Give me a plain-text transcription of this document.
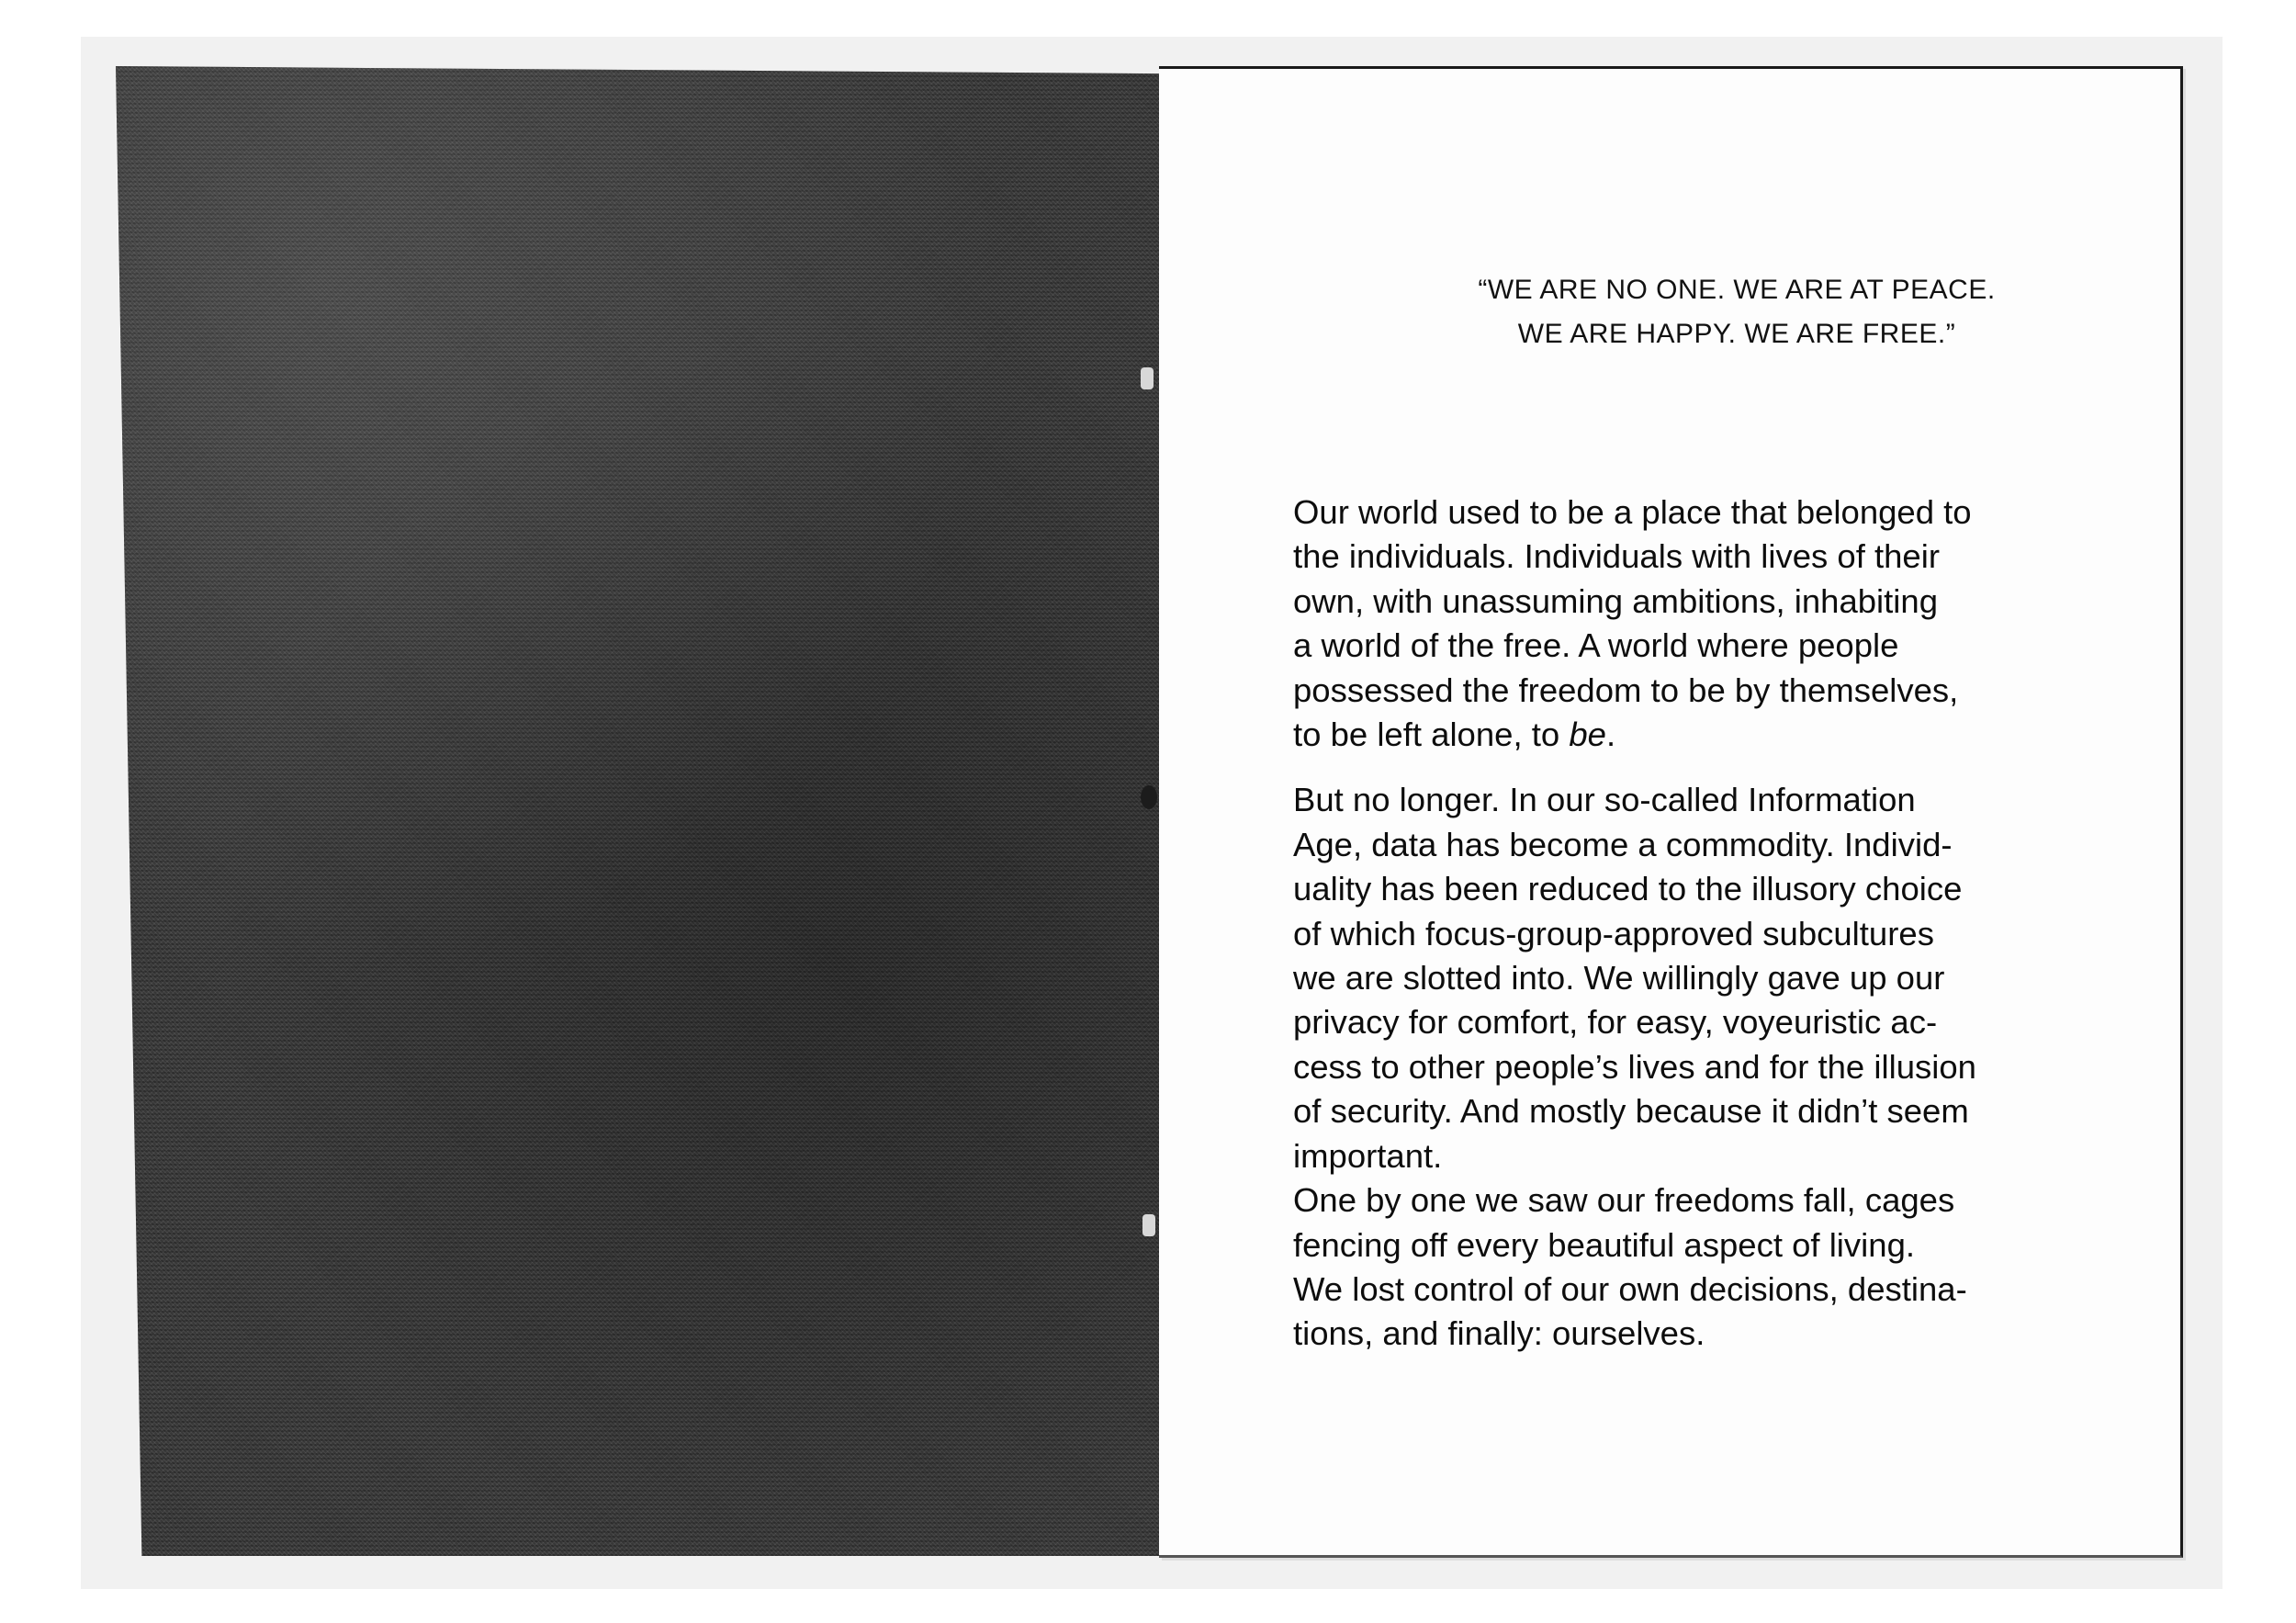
“WE ARE NO ONE. WE ARE AT PEACE.
WE ARE HAPPY. WE ARE FREE.”

Our world used to be a place that belonged to
the individuals. Individuals with lives of their
own, with unassuming ambitions, inhabiting
a world of the free. A world where people
possessed the freedom to be by themselves,
to be left alone, to be.

But no longer. In our so-called Information
Age, data has become a commodity. Individ-
uality has been reduced to the illusory choice
of which focus-group-approved subcultures
we are slotted into. We willingly gave up our
privacy for comfort, for easy, voyeuristic ac-
cess to other people’s lives and for the illusion
of security. And mostly because it didn’t seem
important.
One by one we saw our freedoms fall, cages
fencing off every beautiful aspect of living.
We lost control of our own decisions, destina-
tions, and finally: ourselves.
